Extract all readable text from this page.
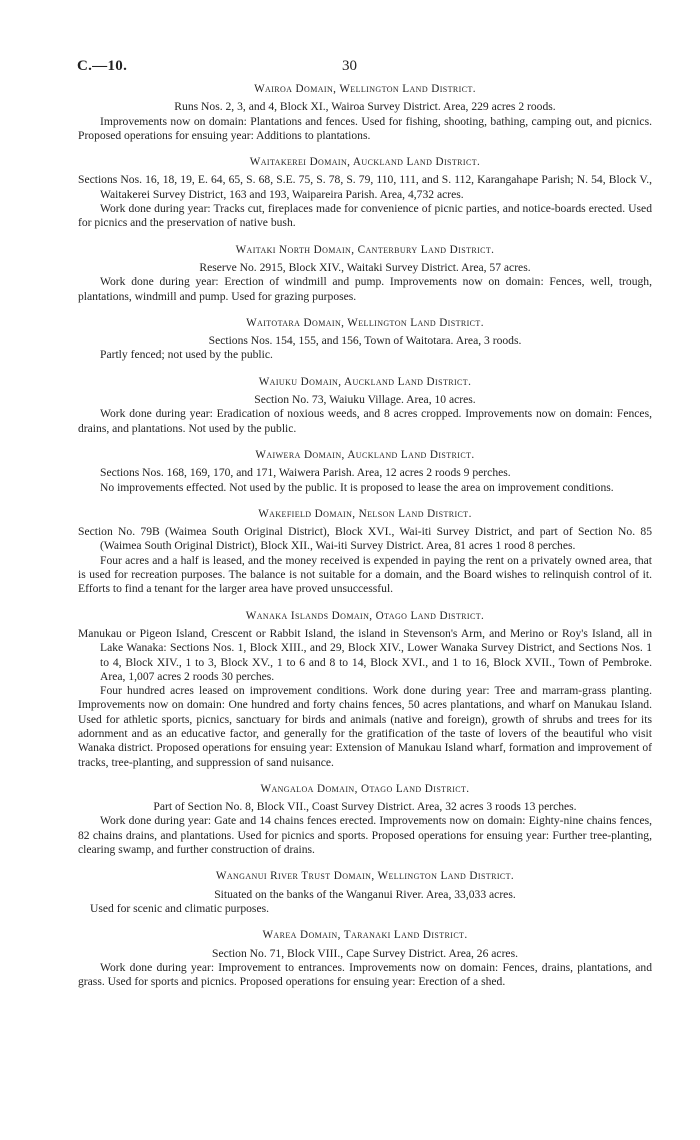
C.—10.	30
Wairoa Domain, Wellington Land District.

Runs Nos. 2, 3, and 4, Block XI., Wairoa Survey District. Area, 229 acres 2 roods.

Improvements now on domain: Plantations and fences. Used for fishing, shooting, bathing, camping out, and picnics. Proposed operations for ensuing year: Additions to plantations.

Waitakerei Domain, Auckland Land District.

Sections Nos. 16, 18, 19, E. 64, 65, S. 68, S.E. 75, S. 78, S. 79, 110, 111, and S. 112, Karangahape Parish; N. 54, Block V., Waitakerei Survey District, 163 and 193, Waipareira Parish. Area, 4,732 acres.

Work done during year: Tracks cut, fireplaces made for convenience of picnic parties, and notice-boards erected. Used for picnics and the preservation of native bush.

Waitaki North Domain, Canterbury Land District.

Reserve No. 2915, Block XIV., Waitaki Survey District. Area, 57 acres.

Work done during year: Erection of windmill and pump. Improvements now on domain: Fences, well, trough, plantations, windmill and pump. Used for grazing purposes.

Waitotara Domain, Wellington Land District.

Sections Nos. 154, 155, and 156, Town of Waitotara. Area, 3 roods.

Partly fenced; not used by the public.

Waiuku Domain, Auckland Land District.

Section No. 73, Waiuku Village. Area, 10 acres.

Work done during year: Eradication of noxious weeds, and 8 acres cropped. Improvements now on domain: Fences, drains, and plantations. Not used by the public.

Waiwera Domain, Auckland Land District.

Sections Nos. 168, 169, 170, and 171, Waiwera Parish. Area, 12 acres 2 roods 9 perches.

No improvements effected. Not used by the public. It is proposed to lease the area on improvement conditions.

Wakefield Domain, Nelson Land District.

Section No. 79B (Waimea South Original District), Block XVI., Wai-iti Survey District, and part of Section No. 85 (Waimea South Original District), Block XII., Wai-iti Survey District. Area, 81 acres 1 rood 8 perches.

Four acres and a half is leased, and the money received is expended in paying the rent on a privately owned area, that is used for recreation purposes. The balance is not suitable for a domain, and the Board wishes to relinquish control of it. Efforts to find a tenant for the larger area have proved unsuccessful.

Wanaka Islands Domain, Otago Land District.

Manukau or Pigeon Island, Crescent or Rabbit Island, the island in Stevenson's Arm, and Merino or Roy's Island, all in Lake Wanaka: Sections Nos. 1, Block XIII., and 29, Block XIV., Lower Wanaka Survey District, and Sections Nos. 1 to 4, Block XIV., 1 to 3, Block XV., 1 to 6 and 8 to 14, Block XVI., and 1 to 16, Block XVII., Town of Pembroke. Area, 1,007 acres 2 roods 30 perches.

Four hundred acres leased on improvement conditions. Work done during year: Tree and marram-grass planting. Improvements now on domain: One hundred and forty chains fences, 50 acres plantations, and wharf on Manukau Island. Used for athletic sports, picnics, sanctuary for birds and animals (native and foreign), growth of shrubs and trees for its adornment and as an educative factor, and generally for the gratification of the taste of lovers of the beautiful who visit Wanaka district. Proposed operations for ensuing year: Extension of Manukau Island wharf, formation and improvement of tracks, tree-planting, and suppression of sand nuisance.

Wangaloa Domain, Otago Land District.

Part of Section No. 8, Block VII., Coast Survey District. Area, 32 acres 3 roods 13 perches.

Work done during year: Gate and 14 chains fences erected. Improvements now on domain: Eighty-nine chains fences, 82 chains drains, and plantations. Used for picnics and sports. Proposed operations for ensuing year: Further tree-planting, clearing swamp, and further construction of drains.

Wanganui River Trust Domain, Wellington Land District.

Situated on the banks of the Wanganui River. Area, 33,033 acres.

Used for scenic and climatic purposes.

Warea Domain, Taranaki Land District.

Section No. 71, Block VIII., Cape Survey District. Area, 26 acres.

Work done during year: Improvement to entrances. Improvements now on domain: Fences, drains, plantations, and grass. Used for sports and picnics. Proposed operations for ensuing year: Erection of a shed.
